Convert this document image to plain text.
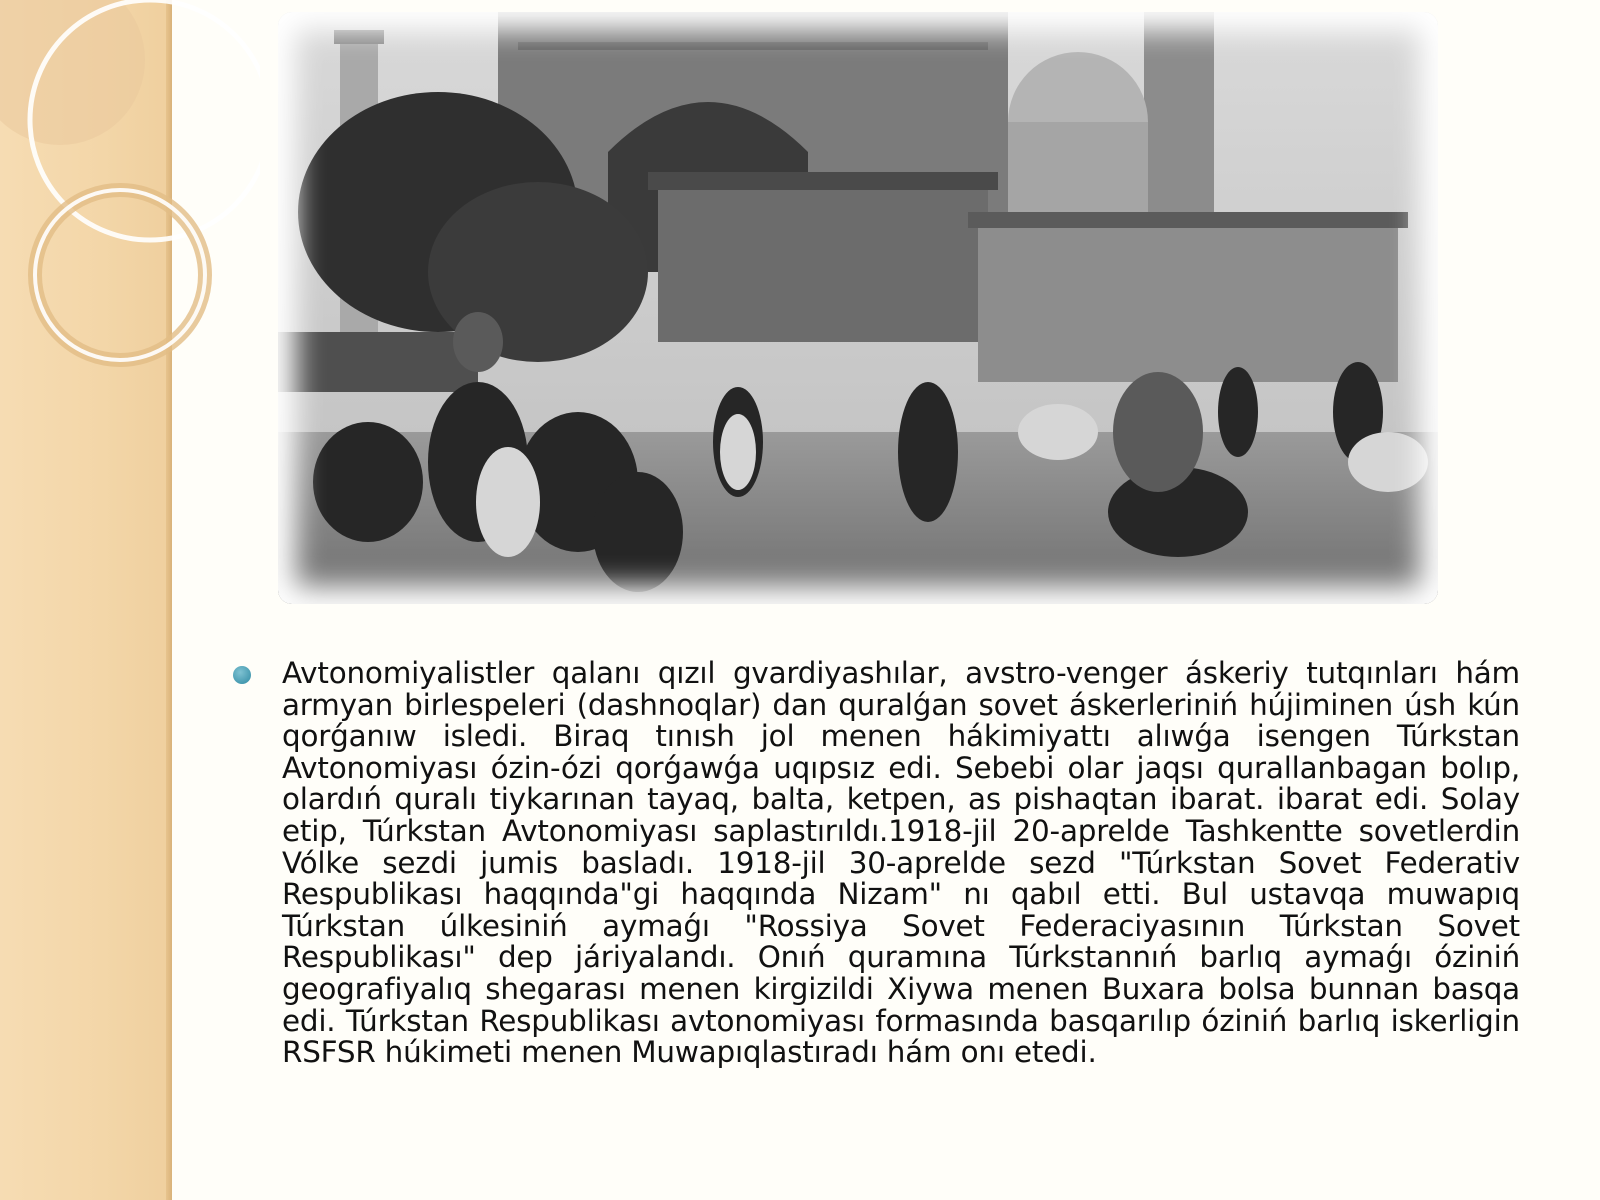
Avtonomiyalistler qalanı qızıl gvardiyashılar, avstro-venger áskeriy tutqınları hám armyan birlespeleri (dashnoqlar) dan quralǵan sovet áskerleriniń hújiminen úsh kún qorǵanıw isledi. Biraq tınısh jol menen hákimiyattı alıwǵa isengen Túrkstan Avtonomiyası ózin-ózi qorǵawǵa uqıpsız edi. Sebebi olar jaqsı qurallanbagan bolıp, olardıń quralı tiykarınan tayaq, balta, ketpen, as pishaqtan ibarat. ibarat edi. Solay etip, Túrkstan Avtonomiyası saplastırıldı.1918-jil 20-aprelde Tashkentte sovetlerdin Vólke sezdi jumis basladı. 1918-jil 30-aprelde sezd "Túrkstan Sovet Federativ Respublikası haqqında"gi haqqında Nizam" nı qabıl etti. Bul ustavqa muwapıq Túrkstan úlkesiniń aymaǵı "Rossiya Sovet Federaciyasının Túrkstan Sovet Respublikası" dep járiyalandı. Onıń quramına Túrkstannıń barlıq aymaǵı óziniń geografiyalıq shegarası menen kirgizildi Xiywa menen Buxara bolsa bunnan basqa edi. Túrkstan Respublikası avtonomiyası formasında basqarılıp óziniń barlıq iskerligin RSFSR húkimeti menen Muwapıqlastıradı hám onı etedi.
